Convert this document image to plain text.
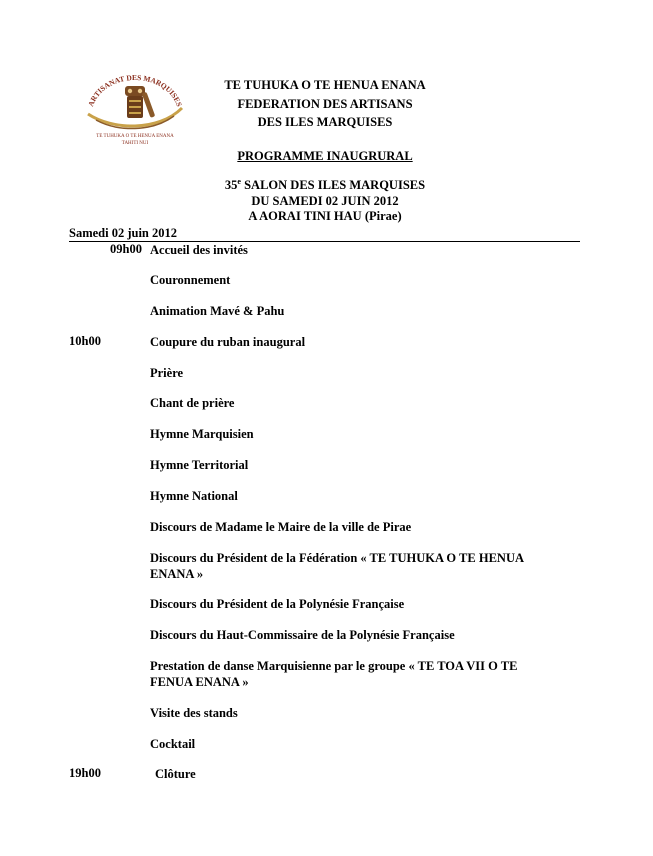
ARTISANAT DES MARQUISES
TE TUHUKA O TE HENUA ENANA
TAHITI NUI
TE TUHUKA O TE HENUA ENANA
FEDERATION DES ARTISANS
DES ILES MARQUISES
PROGRAMME INAUGRURAL
35e SALON DES ILES MARQUISES
DU SAMEDI 02 JUIN 2012
A AORAI TINI HAU (Pirae)
Samedi 02 juin 2012
09h00 Accueil des invités
Couronnement
Animation Mavé & Pahu
10h00	Coupure du ruban inaugural
Prière
Chant de prière
Hymne Marquisien
Hymne Territorial
Hymne National
Discours de Madame le Maire de la ville de Pirae
Discours du Président de la Fédération « TE TUHUKA O TE HENUA ENANA »
Discours du Président de la Polynésie Française
Discours du Haut-Commissaire de la Polynésie Française
Prestation de danse Marquisienne par le groupe « TE TOA VII O TE FENUA ENANA »
Visite des stands
Cocktail
19h00	Clôture
